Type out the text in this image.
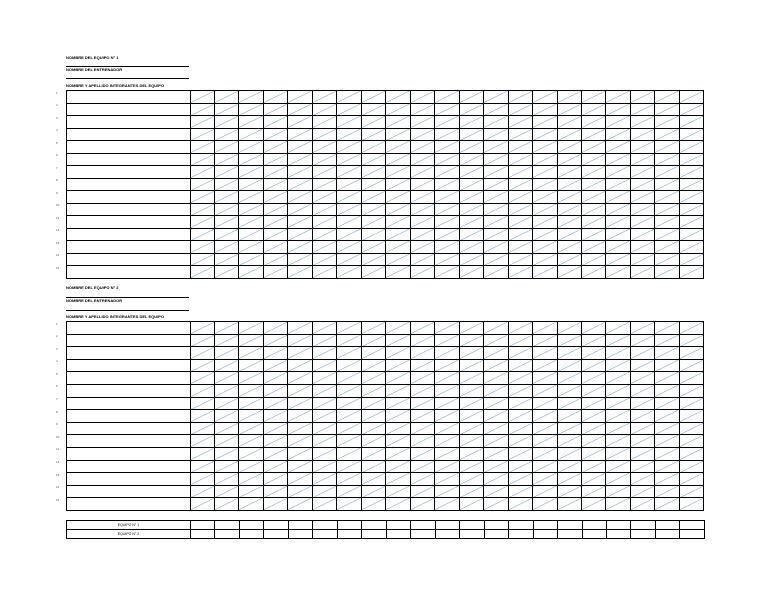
NOMBRE DEL EQUIPO N° 1
NOMBRE DEL ENTRENADOR
NOMBRE Y APELLIDO INTEGRANTES DEL EQUIPO
1		

2		

3		

4		

5		

6		

7		

8		

9		

10		

11		

12		

13		

14		

15		

NOMBRE DEL EQUIPO N° 2
NOMBRE DEL ENTRENADOR
NOMBRE Y APELLIDO INTEGRANTES DEL EQUIPO
1		

2		

3		

4		

5		

6		

7		

8		

9		

10		

11		

12		

13		

14		

15		

EQUIPO N° 1																					
EQUIPO N° 2																					
